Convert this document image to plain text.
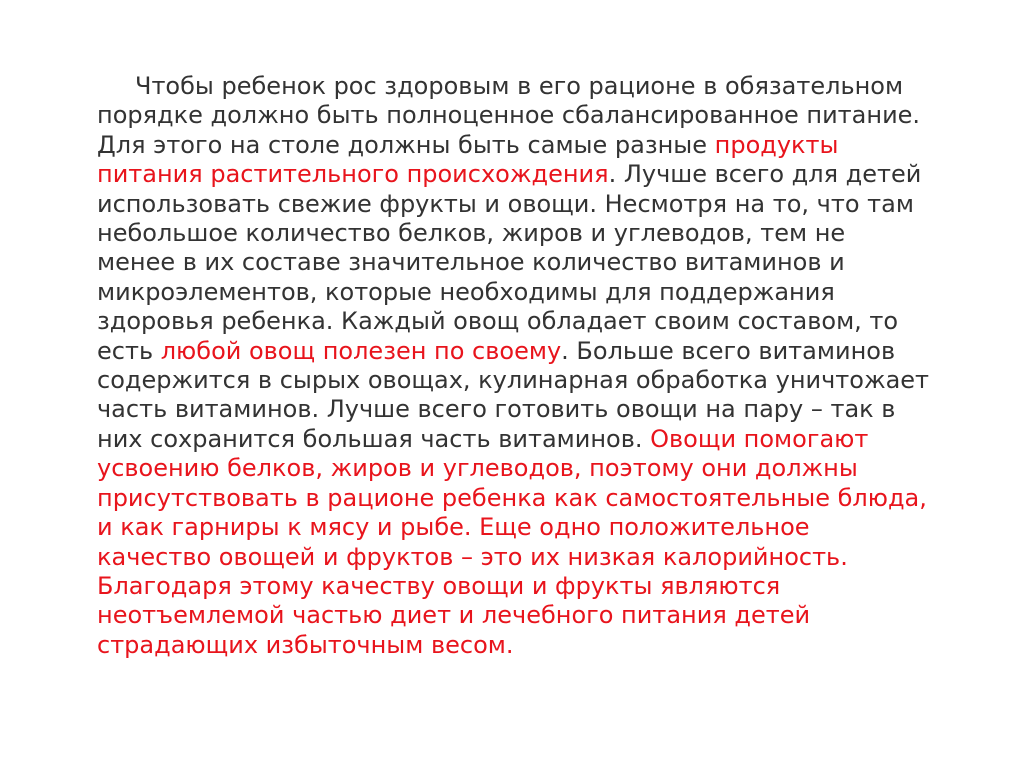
Чтобы ребенок рос здоровым в его рационе в обязательном
порядке должно быть полноценное сбалансированное питание.
Для этого на столе должны быть самые разные продукты
питания растительного происхождения. Лучше всего для детей
использовать свежие фрукты и овощи. Несмотря на то, что там
небольшое количество белков, жиров и углеводов, тем не
менее в их составе значительное количество витаминов и
микроэлементов, которые необходимы для поддержания
здоровья ребенка. Каждый овощ обладает своим составом, то
есть любой овощ полезен по своему. Больше всего витаминов
содержится в сырых овощах, кулинарная обработка уничтожает
часть витаминов. Лучше всего готовить овощи на пару – так в
них сохранится большая часть витаминов. Овощи помогают
усвоению белков, жиров и углеводов, поэтому они должны
присутствовать в рационе ребенка как самостоятельные блюда,
и как гарниры к мясу и рыбе. Еще одно положительное
качество овощей и фруктов – это их низкая калорийность.
Благодаря этому качеству овощи и фрукты являются
неотъемлемой частью диет и лечебного питания детей
страдающих избыточным весом.
